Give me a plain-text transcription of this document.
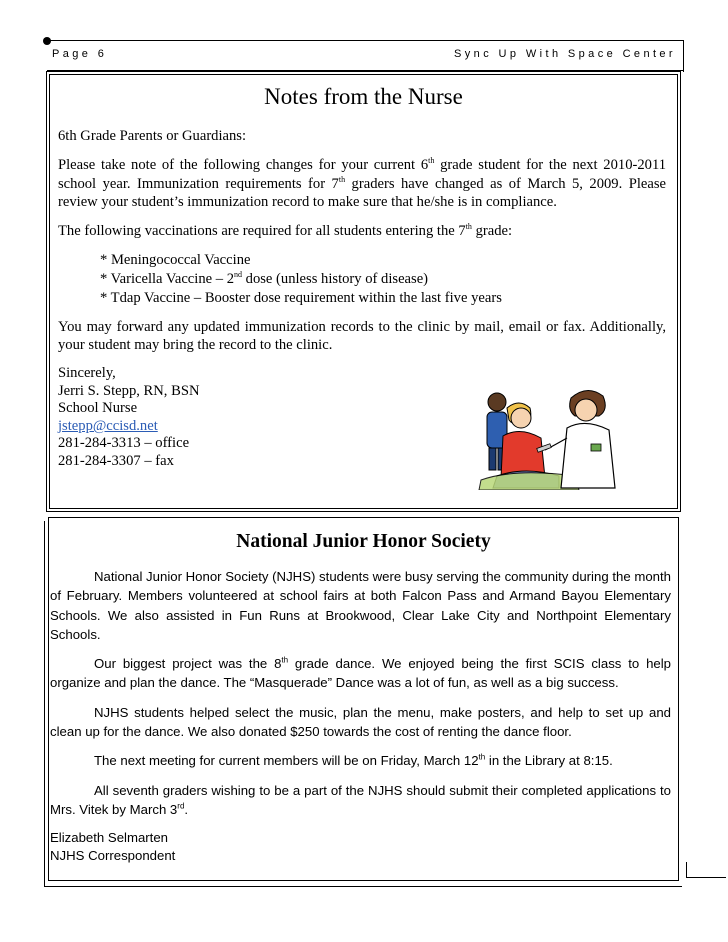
Page 6	Sync Up With Space Center
Notes from the Nurse

6th Grade Parents or Guardians:

Please take note of the following changes for your current 6th grade student for the next 2010-2011 school year. Immunization requirements for 7th graders have changed as of March 5, 2009. Please review your student’s immunization record to make sure that he/she is in compliance.

The following vaccinations are required for all students entering the 7th grade:

* Meningococcal Vaccine
* Varicella Vaccine – 2nd dose (unless history of disease)
* Tdap Vaccine – Booster dose requirement within the last five years

You may forward any updated immunization records to the clinic by mail, email or fax. Additionally, your student may bring the record to the clinic.

Sincerely,
Jerri S. Stepp, RN, BSN
School Nurse
jstepp@ccisd.net
281-284-3313 – office
281-284-3307 – fax
National Junior Honor Society

National Junior Honor Society (NJHS) students were busy serving the community during the month of February. Members volunteered at school fairs at both Falcon Pass and Armand Bayou Elementary Schools. We also assisted in Fun Runs at Brookwood, Clear Lake City and Northpoint Elementary Schools.

Our biggest project was the 8th grade dance. We enjoyed being the first SCIS class to help organize and plan the dance. The “Masquerade” Dance was a lot of fun, as well as a big success.

NJHS students helped select the music, plan the menu, make posters, and help to set up and clean up for the dance. We also donated $250 towards the cost of renting the dance floor.

The next meeting for current members will be on Friday, March 12th in the Library at 8:15.

All seventh graders wishing to be a part of the NJHS should submit their completed applications to Mrs. Vitek by March 3rd.

Elizabeth Selmarten
NJHS Correspondent
